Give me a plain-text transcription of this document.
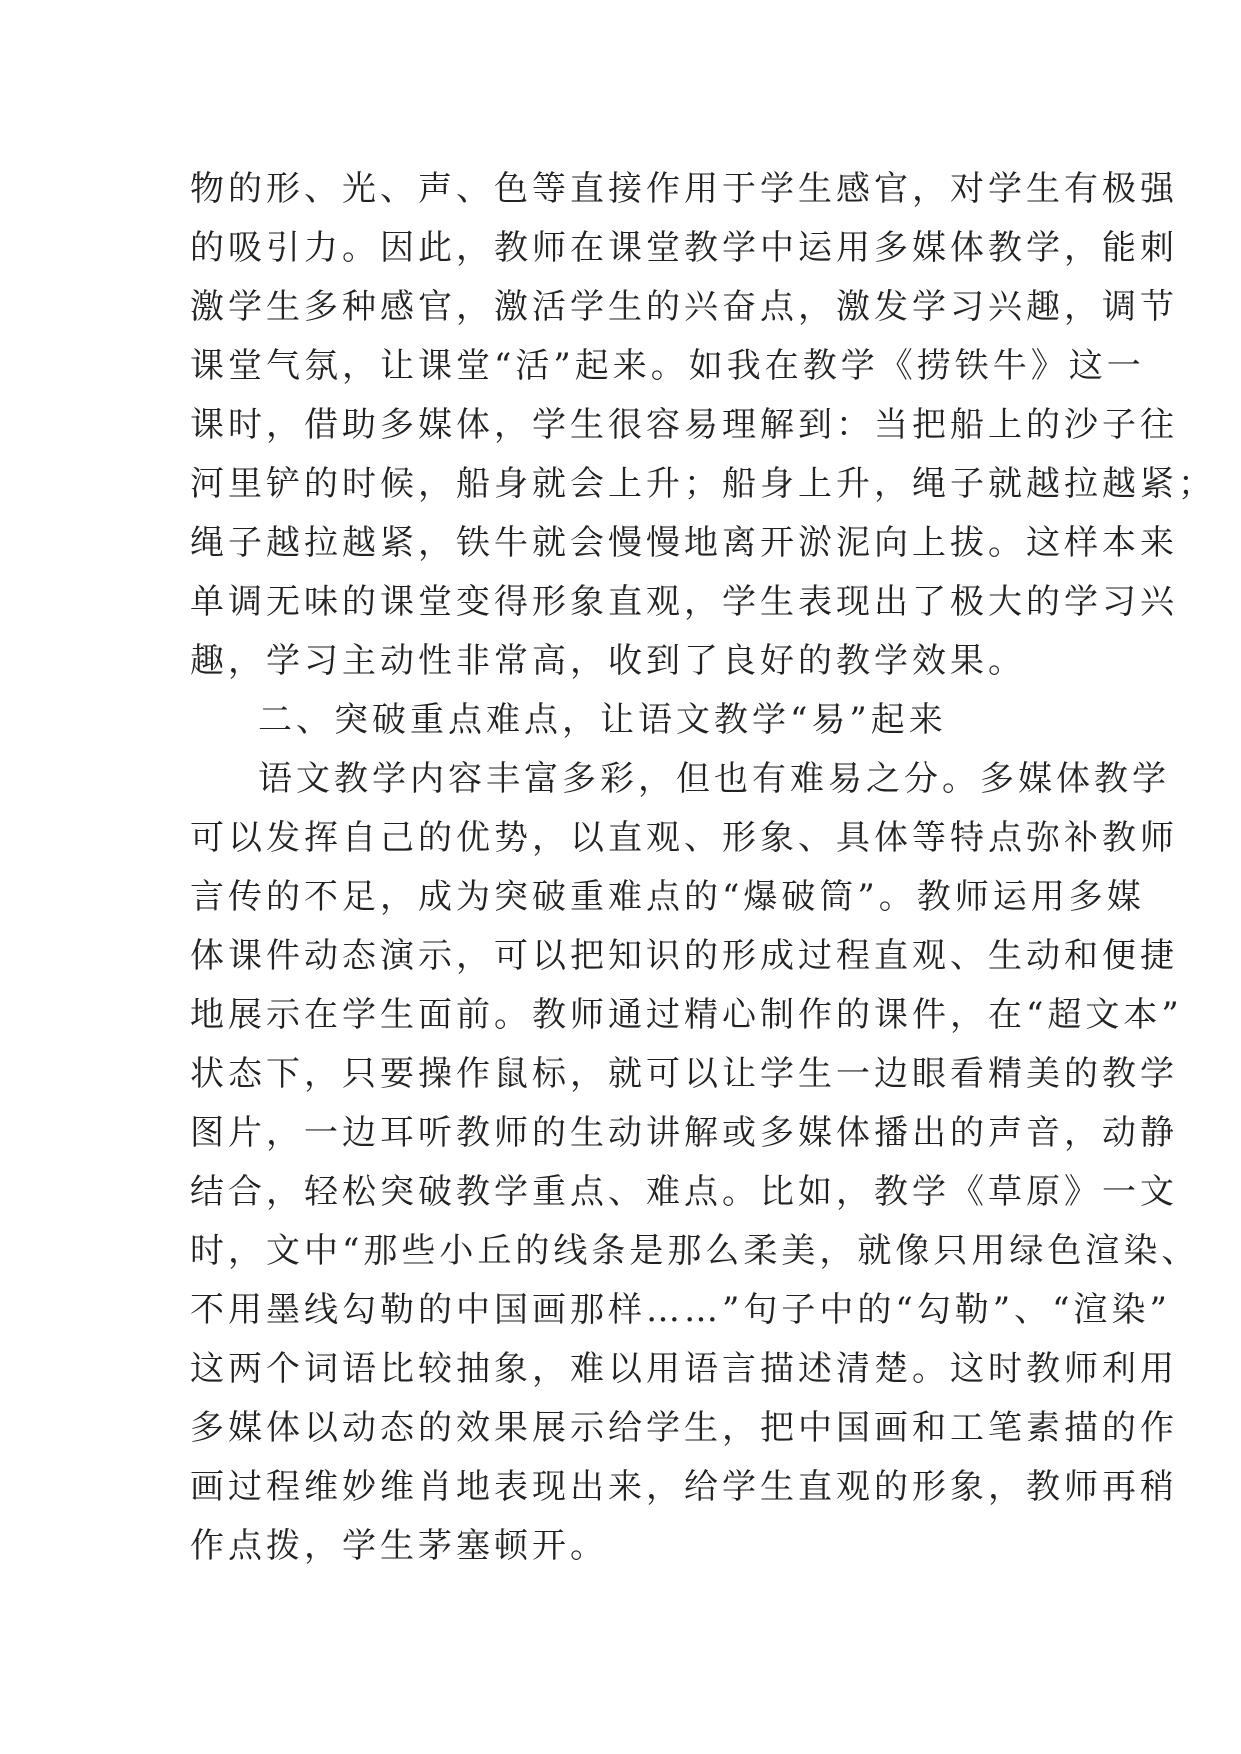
物的形、光、声、色等直接作用于学生感官，对学生有极强
的吸引力。因此，教师在课堂教学中运用多媒体教学，能刺
激学生多种感官，激活学生的兴奋点，激发学习兴趣，调节
课堂气氛，让课堂“活”起来。如我在教学《捞铁牛》这一
课时，借助多媒体，学生很容易理解到：当把船上的沙子往
河里铲的时候，船身就会上升；船身上升，绳子就越拉越紧；
绳子越拉越紧，铁牛就会慢慢地离开淤泥向上拔。这样本来
单调无味的课堂变得形象直观，学生表现出了极大的学习兴
趣，学习主动性非常高，收到了良好的教学效果。
二、突破重点难点，让语文教学“易”起来
语文教学内容丰富多彩，但也有难易之分。多媒体教学
可以发挥自己的优势，以直观、形象、具体等特点弥补教师
言传的不足，成为突破重难点的“爆破筒”。教师运用多媒
体课件动态演示，可以把知识的形成过程直观、生动和便捷
地展示在学生面前。教师通过精心制作的课件，在“超文本”
状态下，只要操作鼠标，就可以让学生一边眼看精美的教学
图片，一边耳听教师的生动讲解或多媒体播出的声音，动静
结合，轻松突破教学重点、难点。比如，教学《草原》一文
时，文中“那些小丘的线条是那么柔美，就像只用绿色渲染、
不用墨线勾勒的中国画那样……”句子中的“勾勒”、“渲染”
这两个词语比较抽象，难以用语言描述清楚。这时教师利用
多媒体以动态的效果展示给学生，把中国画和工笔素描的作
画过程维妙维肖地表现出来，给学生直观的形象，教师再稍
作点拨，学生茅塞顿开。
